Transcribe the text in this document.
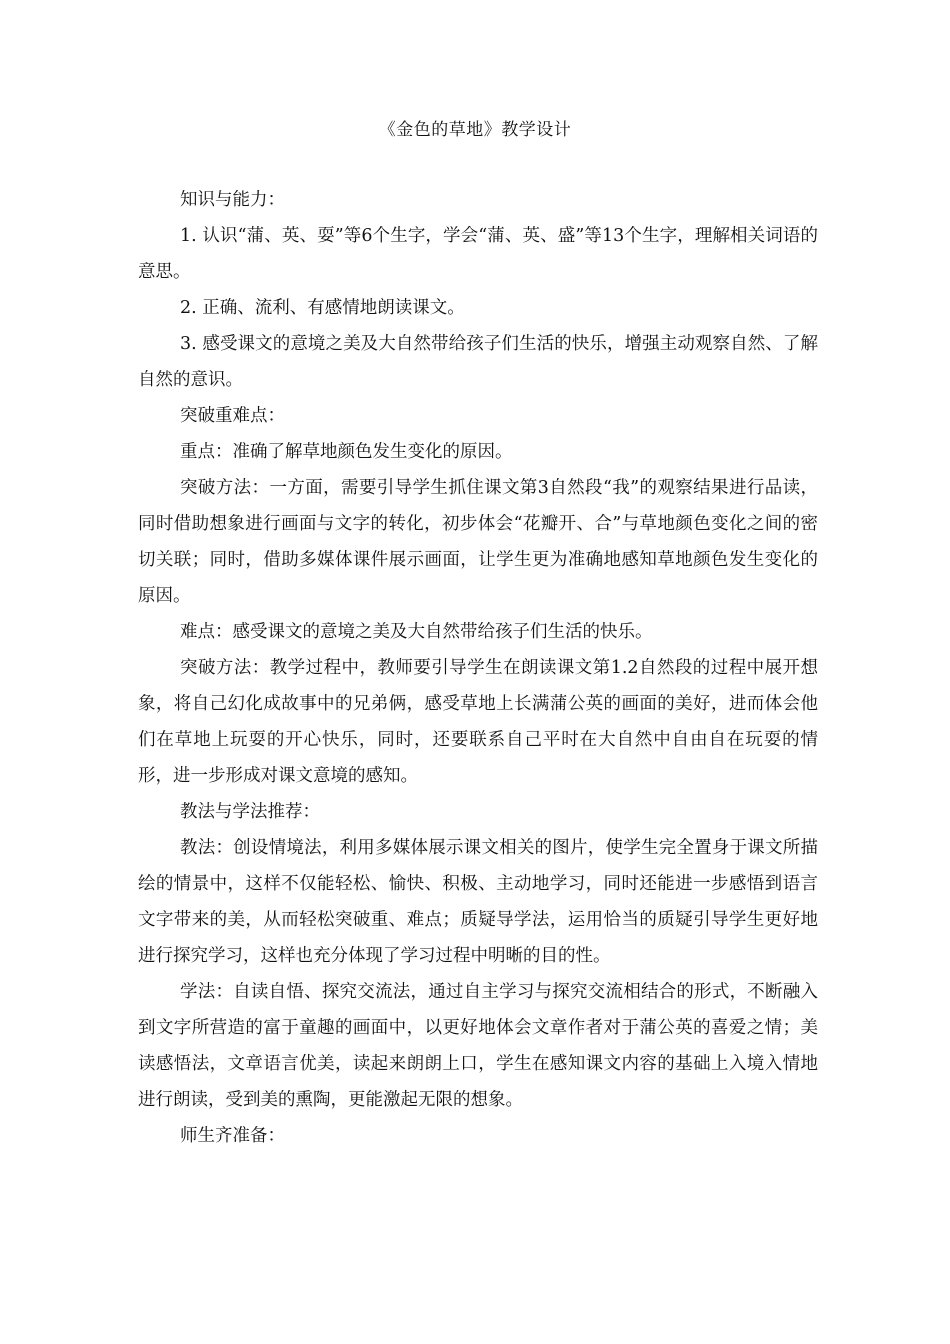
《金色的草地》教学设计

知识与能力：

1. 认识“蒲、英、耍”等6个生字，学会“蒲、英、盛”等13个生字，理解相关词语的意思。

2. 正确、流利、有感情地朗读课文。

3. 感受课文的意境之美及大自然带给孩子们生活的快乐，增强主动观察自然、了解自然的意识。

突破重难点：

重点：准确了解草地颜色发生变化的原因。

突破方法：一方面，需要引导学生抓住课文第3自然段“我”的观察结果进行品读，同时借助想象进行画面与文字的转化，初步体会“花瓣开、合”与草地颜色变化之间的密切关联；同时，借助多媒体课件展示画面，让学生更为准确地感知草地颜色发生变化的原因。

难点：感受课文的意境之美及大自然带给孩子们生活的快乐。

突破方法：教学过程中，教师要引导学生在朗读课文第1.2自然段的过程中展开想象，将自己幻化成故事中的兄弟俩，感受草地上长满蒲公英的画面的美好，进而体会他们在草地上玩耍的开心快乐，同时，还要联系自己平时在大自然中自由自在玩耍的情形，进一步形成对课文意境的感知。

教法与学法推荐：

教法：创设情境法，利用多媒体展示课文相关的图片，使学生完全置身于课文所描绘的情景中，这样不仅能轻松、愉快、积极、主动地学习，同时还能进一步感悟到语言文字带来的美，从而轻松突破重、难点；质疑导学法，运用恰当的质疑引导学生更好地进行探究学习，这样也充分体现了学习过程中明晰的目的性。

学法：自读自悟、探究交流法，通过自主学习与探究交流相结合的形式，不断融入到文字所营造的富于童趣的画面中，以更好地体会文章作者对于蒲公英的喜爱之情；美读感悟法，文章语言优美，读起来朗朗上口，学生在感知课文内容的基础上入境入情地进行朗读，受到美的熏陶，更能激起无限的想象。

师生齐准备：
